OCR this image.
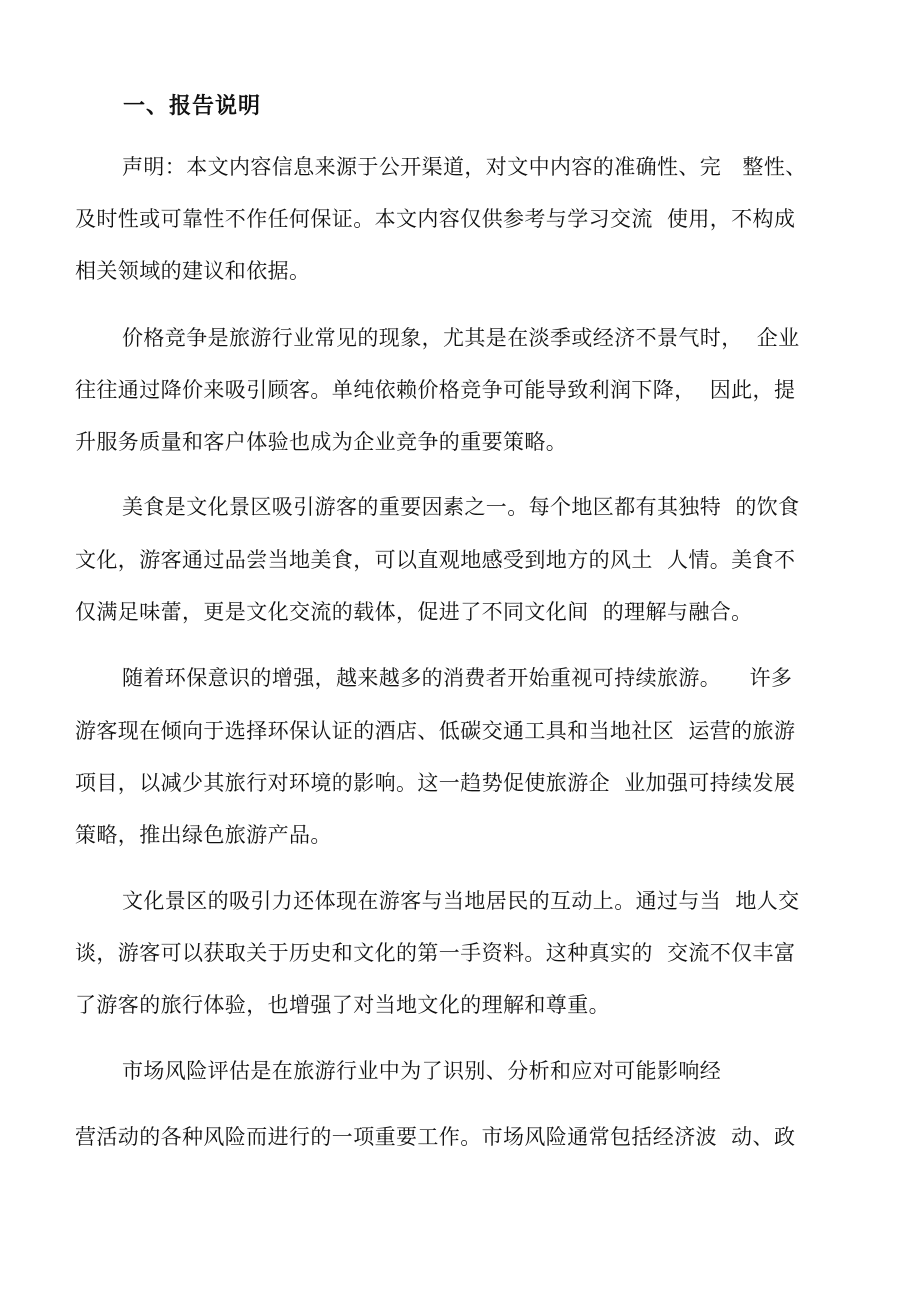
一、报告说明
声明：本文内容信息来源于公开渠道，对文中内容的准确性、完   整性、
及时性或可靠性不作任何保证。本文内容仅供参考与学习交流  使用，不构成
相关领域的建议和依据。
价格竞争是旅游行业常见的现象，尤其是在淡季或经济不景气时，  企业
往往通过降价来吸引顾客。单纯依赖价格竞争可能导致利润下降，  因此，提
升服务质量和客户体验也成为企业竞争的重要策略。
美食是文化景区吸引游客的重要因素之一。每个地区都有其独特  的饮食
文化，游客通过品尝当地美食，可以直观地感受到地方的风土  人情。美食不
仅满足味蕾，更是文化交流的载体，促进了不同文化间  的理解与融合。
随着环保意识的增强，越来越多的消费者开始重视可持续旅游。    许多
游客现在倾向于选择环保认证的酒店、低碳交通工具和当地社区  运营的旅游
项目，以减少其旅行对环境的影响。这一趋势促使旅游企  业加强可持续发展
策略，推出绿色旅游产品。
文化景区的吸引力还体现在游客与当地居民的互动上。通过与当  地人交
谈，游客可以获取关于历史和文化的第一手资料。这种真实的  交流不仅丰富
了游客的旅行体验，也增强了对当地文化的理解和尊重。
市场风险评估是在旅游行业中为了识别、分析和应对可能影响经
营活动的各种风险而进行的一项重要工作。市场风险通常包括经济波  动、政
